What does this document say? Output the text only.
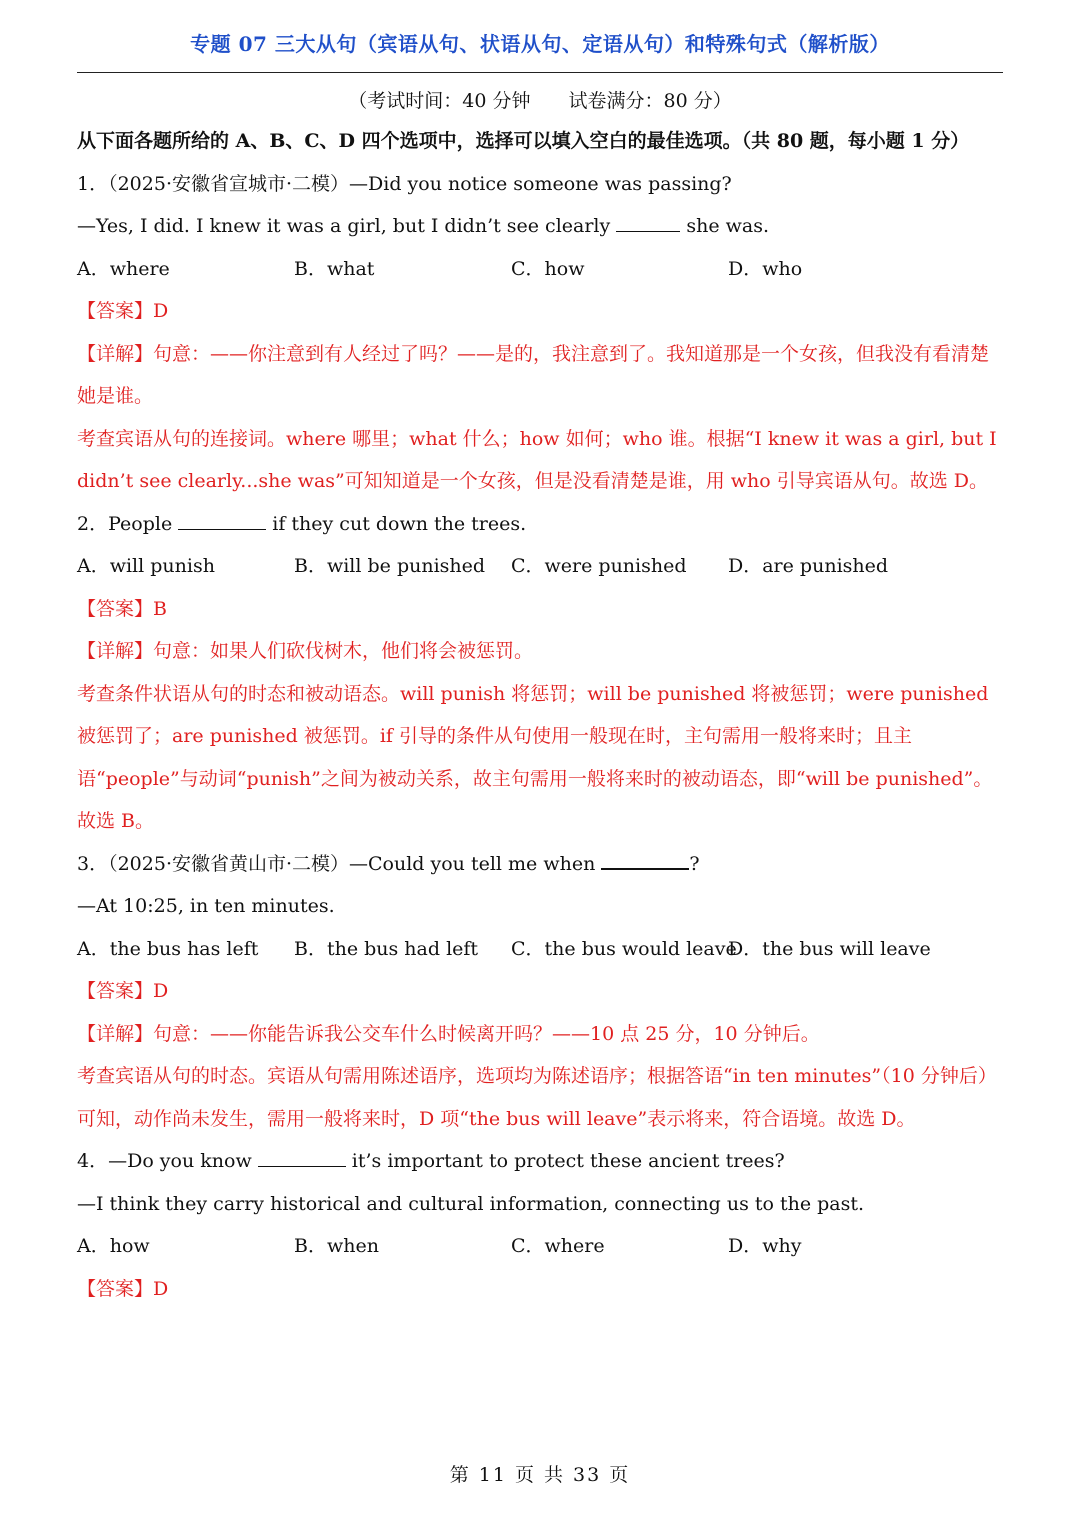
专题 07 三大从句（宾语从句、状语从句、定语从句）和特殊句式（解析版）
（考试时间：40 分钟 试卷满分：80 分）
从下面各题所给的 A、B、C、D 四个选项中，选择可以填入空白的最佳选项。（共 80 题，每小题 1 分）
1．（2025·安徽省宣城市·二模）—Did you notice someone was passing?
—Yes, I did. I knew it was a girl, but I didn’t see clearly	she was.
A．where	B．what	C．how	D．who
【答案】D
【详解】句意：——你注意到有人经过了吗？——是的，我注意到了。我知道那是一个女孩，但我没有看清楚她是谁。
考查宾语从句的连接词。where 哪里；what 什么；how 如何；who 谁。根据“I knew it was a girl, but I didn’t see clearly...she was”可知知道是一个女孩，但是没看清楚是谁，用 who 引导宾语从句。故选 D。
2．People	if they cut down the trees.
A．will punish	B．will be punished	C．were punished	D．are punished
【答案】B
【详解】句意：如果人们砍伐树木，他们将会被惩罚。
考查条件状语从句的时态和被动语态。will punish 将惩罚；will be punished 将被惩罚；were punished 被惩罚了；are punished 被惩罚。if 引导的条件从句使用一般现在时，主句需用一般将来时；且主语“people”与动词“punish”之间为被动关系，故主句需用一般将来时的被动语态，即“will be punished”。故选 B。
3．（2025·安徽省黄山市·二模）—Could you tell me when	?
—At 10:25, in ten minutes.
A．the bus has left	B．the bus had left	C．the bus would leave
D．the bus will leave
【答案】D
【详解】句意：——你能告诉我公交车什么时候离开吗？——10 点 25 分，10 分钟后。
考查宾语从句的时态。宾语从句需用陈述语序，选项均为陈述语序；根据答语“in ten minutes”（10 分钟后）可知，动作尚未发生，需用一般将来时，D 项“the bus will leave”表示将来，符合语境。故选 D。
4．—Do you know	it’s important to protect these ancient trees?
—I think they carry historical and cultural information, connecting us to the past.
A．how	B．when	C．where	D．why
【答案】D
第 11 页 共 33 页
